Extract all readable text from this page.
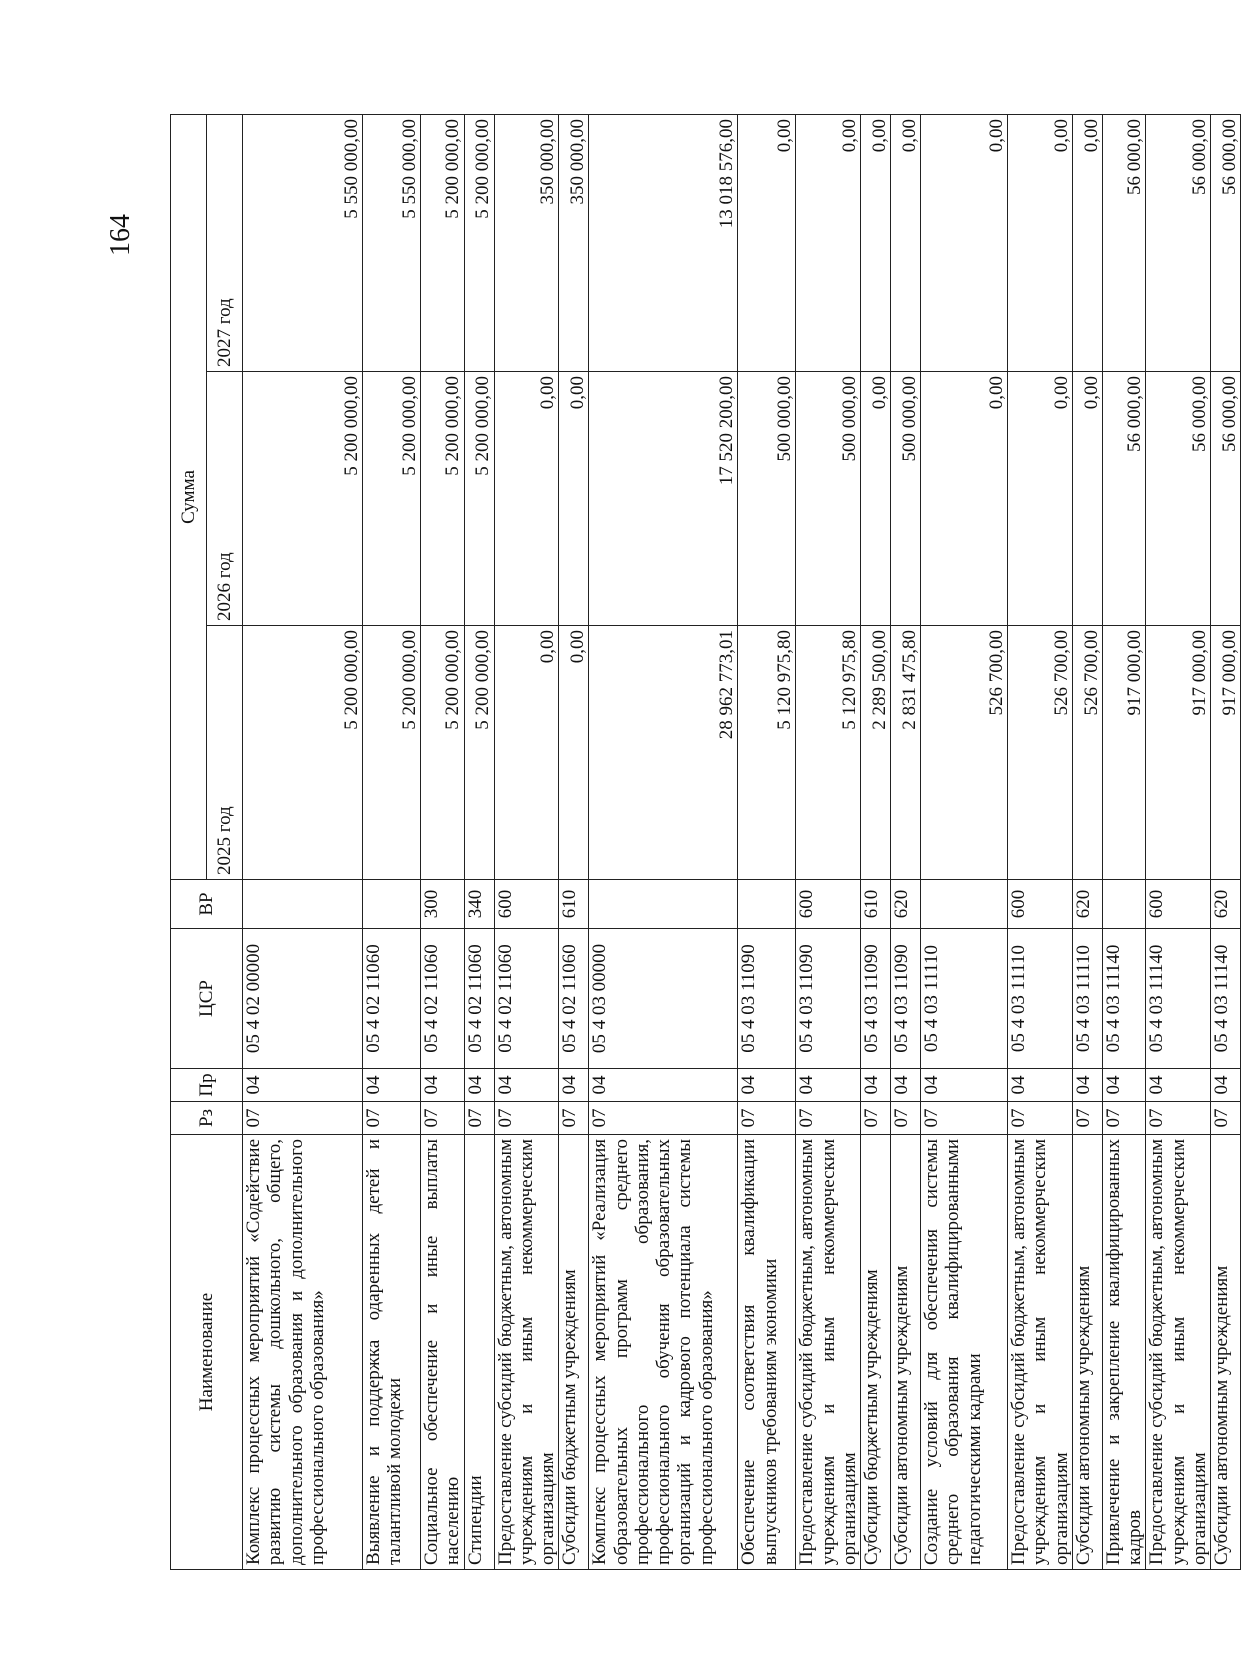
164
Наименование	Рз	Пр	ЦСР	ВР	Сумма		
					2025 год	2026 год	2027 год
Комплекс процессных мероприятий «Содействие развитию системы дошкольного, общего, дополнительного образования и дополнительного профессионального образования»	07	04	05 4 02 00000		5 200 000,00	5 200 000,00	5 550 000,00
Выявление и поддержка одаренных детей и талантливой молодежи	07	04	05 4 02 11060		5 200 000,00	5 200 000,00	5 550 000,00
Социальное обеспечение и иные выплаты населению	07	04	05 4 02 11060	300	5 200 000,00	5 200 000,00	5 200 000,00
Стипендии	07	04	05 4 02 11060	340	5 200 000,00	5 200 000,00	5 200 000,00
Предоставление субсидий бюджетным, автономным учреждениям и иным некоммерческим организациям	07	04	05 4 02 11060	600	0,00	0,00	350 000,00
Субсидии бюджетным учреждениям	07	04	05 4 02 11060	610	0,00	0,00	350 000,00
Комплекс процессных мероприятий «Реализация образовательных программ среднего профессионального образования, профессионального обучения образовательных организаций и кадрового потенциала системы профессионального образования»	07	04	05 4 03 00000		28 962 773,01	17 520 200,00	13 018 576,00
Обеспечение соответствия квалификации выпускников требованиям экономики	07	04	05 4 03 11090		5 120 975,80	500 000,00	0,00
Предоставление субсидий бюджетным, автономным учреждениям и иным некоммерческим организациям	07	04	05 4 03 11090	600	5 120 975,80	500 000,00	0,00
Субсидии бюджетным учреждениям	07	04	05 4 03 11090	610	2 289 500,00	0,00	0,00
Субсидии автономным учреждениям	07	04	05 4 03 11090	620	2 831 475,80	500 000,00	0,00
Создание условий для обеспечения системы среднего образования квалифицированными педагогическими кадрами	07	04	05 4 03 11110		526 700,00	0,00	0,00
Предоставление субсидий бюджетным, автономным учреждениям и иным некоммерческим организациям	07	04	05 4 03 11110	600	526 700,00	0,00	0,00
Субсидии автономным учреждениям	07	04	05 4 03 11110	620	526 700,00	0,00	0,00
Привлечение и закрепление квалифицированных кадров	07	04	05 4 03 11140		917 000,00	56 000,00	56 000,00
Предоставление субсидий бюджетным, автономным учреждениям и иным некоммерческим организациям	07	04	05 4 03 11140	600	917 000,00	56 000,00	56 000,00
Субсидии автономным учреждениям	07	04	05 4 03 11140	620	917 000,00	56 000,00	56 000,00
